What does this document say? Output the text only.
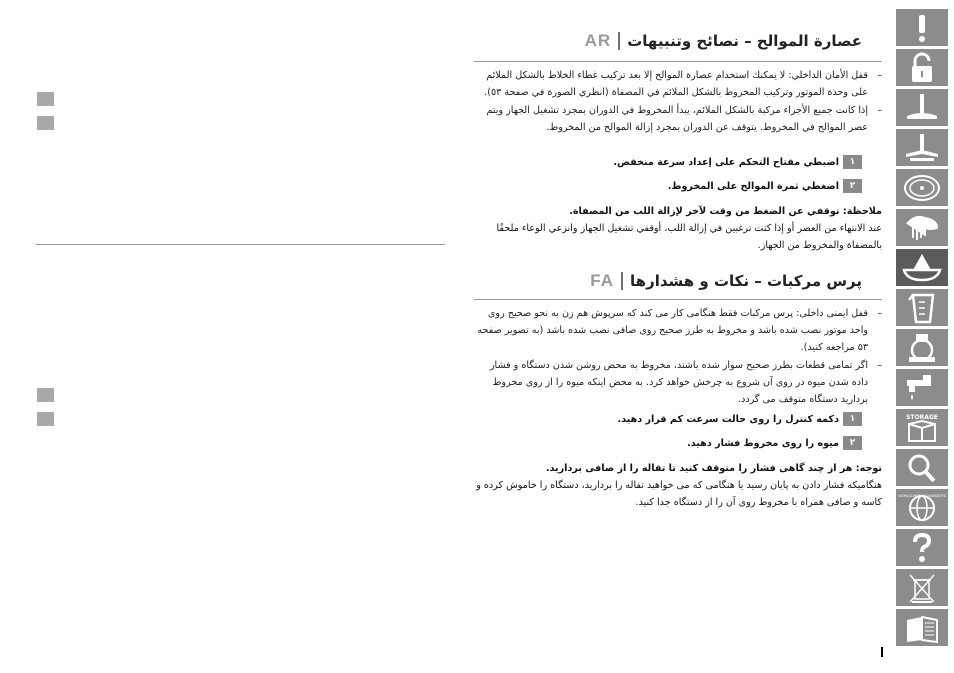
AR عصارة الموالح – نصائح وتنبيهات
–
قفل الأمان الداخلي: لا يمكنك استخدام عصارة الموالح إلا بعد تركيب غطاء الخلاط بالشكل الملائم على وحدة الموتور وتركيب المخروط بالشكل الملائم في المصفاة (انظري الصورة في صفحة ٥٣).
–
إذا كانت جميع الأجزاء مركبة بالشكل الملائم، يبدأ المخروط في الدوران بمجرد تشغيل الجهاز ويتم عصر الموالح في المخروط. يتوقف عن الدوران بمجرد إزالة الموالح من المخروط.
اضبطي مفتاح التحكم على إعداد سرعة منخفض.	١
اضغطي ثمرة الموالح على المخروط.	٢
ملاحظة: توقفي عن الضغط من وقت لآخر لإزالة اللب من المصفاة.
عند الانتهاء من العصر أو إذا كنت ترغبين في إزالة اللب، أوقفي تشغيل الجهاز وانزعي الوعاء ملحقًا بالمصفاة والمخروط من الجهاز.
FA پرس مرکبات – نکات و هشدارها
–
قفل ایمنی داخلی: پرس مرکبات فقط هنگامی کار می کند که سرپوش هم زن به نحو صحیح روی واحد موتور نصب شده باشد و مخروط به طرز صحیح روی صافی نصب شده باشد (به تصویر صفحه ۵۳ مراجعه کنید).
–
اگر تمامی قطعات بطرز صحیح سوار شده باشند، مخروط به محض روشن شدن دستگاه و فشار داده شدن میوه در روی آن شروع به چرخش خواهد کرد. به محض اینکه میوه را از روی مخروط بردارید دستگاه متوقف می گردد.
دکمه کنترل را روی حالت سرعت کم قرار دهید.	١
میوه را روی مخروط فشار دهید.	٢
توجه: هر از چند گاهی فشار را متوقف کنید تا تفاله را از صافی بردارید.
هنگامیکه فشار دادن به پایان رسید یا هنگامی که می خواهید تفاله را بردارید، دستگاه را خاموش کرده و کاسه و صافی همراه با مخروط روی آن را از دستگاه جدا کنید.
STORAGE
WORLD-WIDE GUARANTEE
